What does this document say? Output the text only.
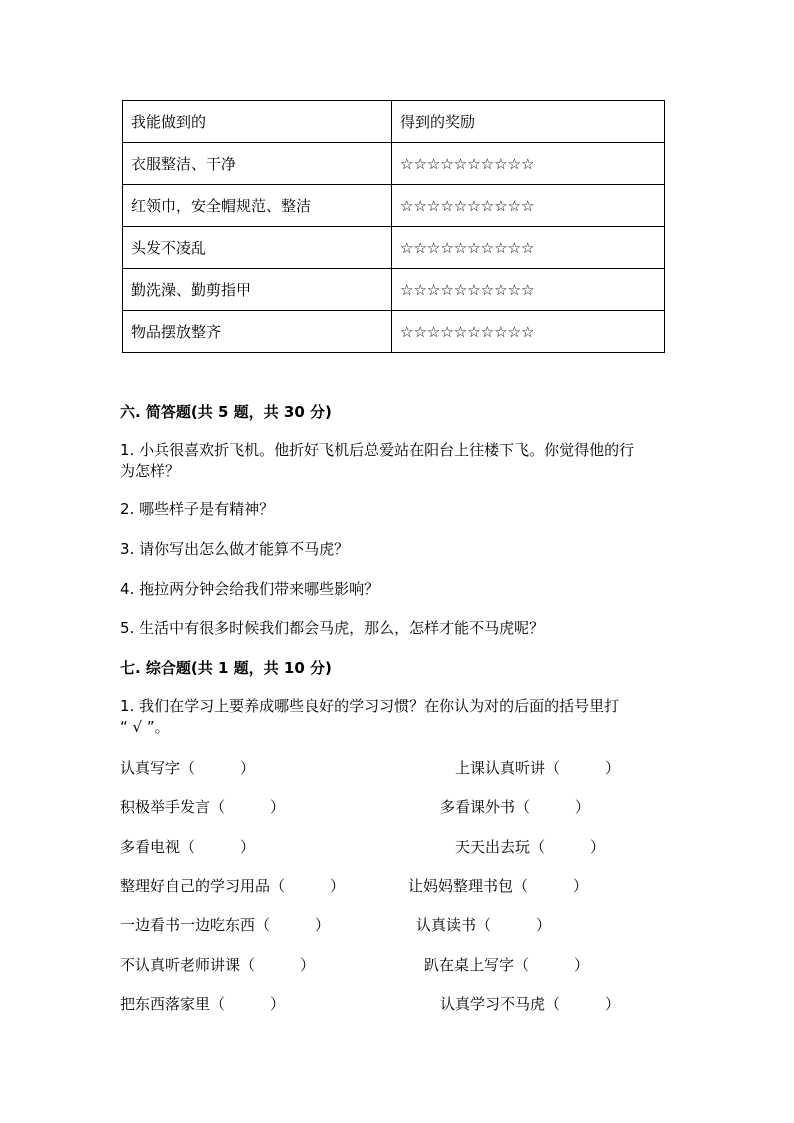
我能做到的	得到的奖励
衣服整洁、干净	☆☆☆☆☆☆☆☆☆☆
红领巾，安全帽规范、整洁	☆☆☆☆☆☆☆☆☆☆
头发不凌乱	☆☆☆☆☆☆☆☆☆☆
勤洗澡、勤剪指甲	☆☆☆☆☆☆☆☆☆☆
物品摆放整齐	☆☆☆☆☆☆☆☆☆☆
六. 简答题(共 5 题，共 30 分)
1. 小兵很喜欢折飞机。他折好飞机后总爱站在阳台上往楼下飞。你觉得他的行
为怎样？
2. 哪些样子是有精神？
3. 请你写出怎么做才能算不马虎？
4. 拖拉两分钟会给我们带来哪些影响？
5. 生活中有很多时候我们都会马虎，那么，怎样才能不马虎呢？
七. 综合题(共 1 题，共 10 分)
1. 我们在学习上要养成哪些良好的学习习惯？在你认为对的后面的括号里打
“ √ ”。
认真写字（　　　）	上课认真听讲（　　　）
积极举手发言（　　　）	多看课外书（　　　）
多看电视（　　　）	天天出去玩（　　　）
整理好自己的学习用品（　　　）	让妈妈整理书包（　　　）
一边看书一边吃东西（　　　）	认真读书（　　　）
不认真听老师讲课（　　　）	趴在桌上写字（　　　）
把东西落家里（　　　）	认真学习不马虎（　　　）
